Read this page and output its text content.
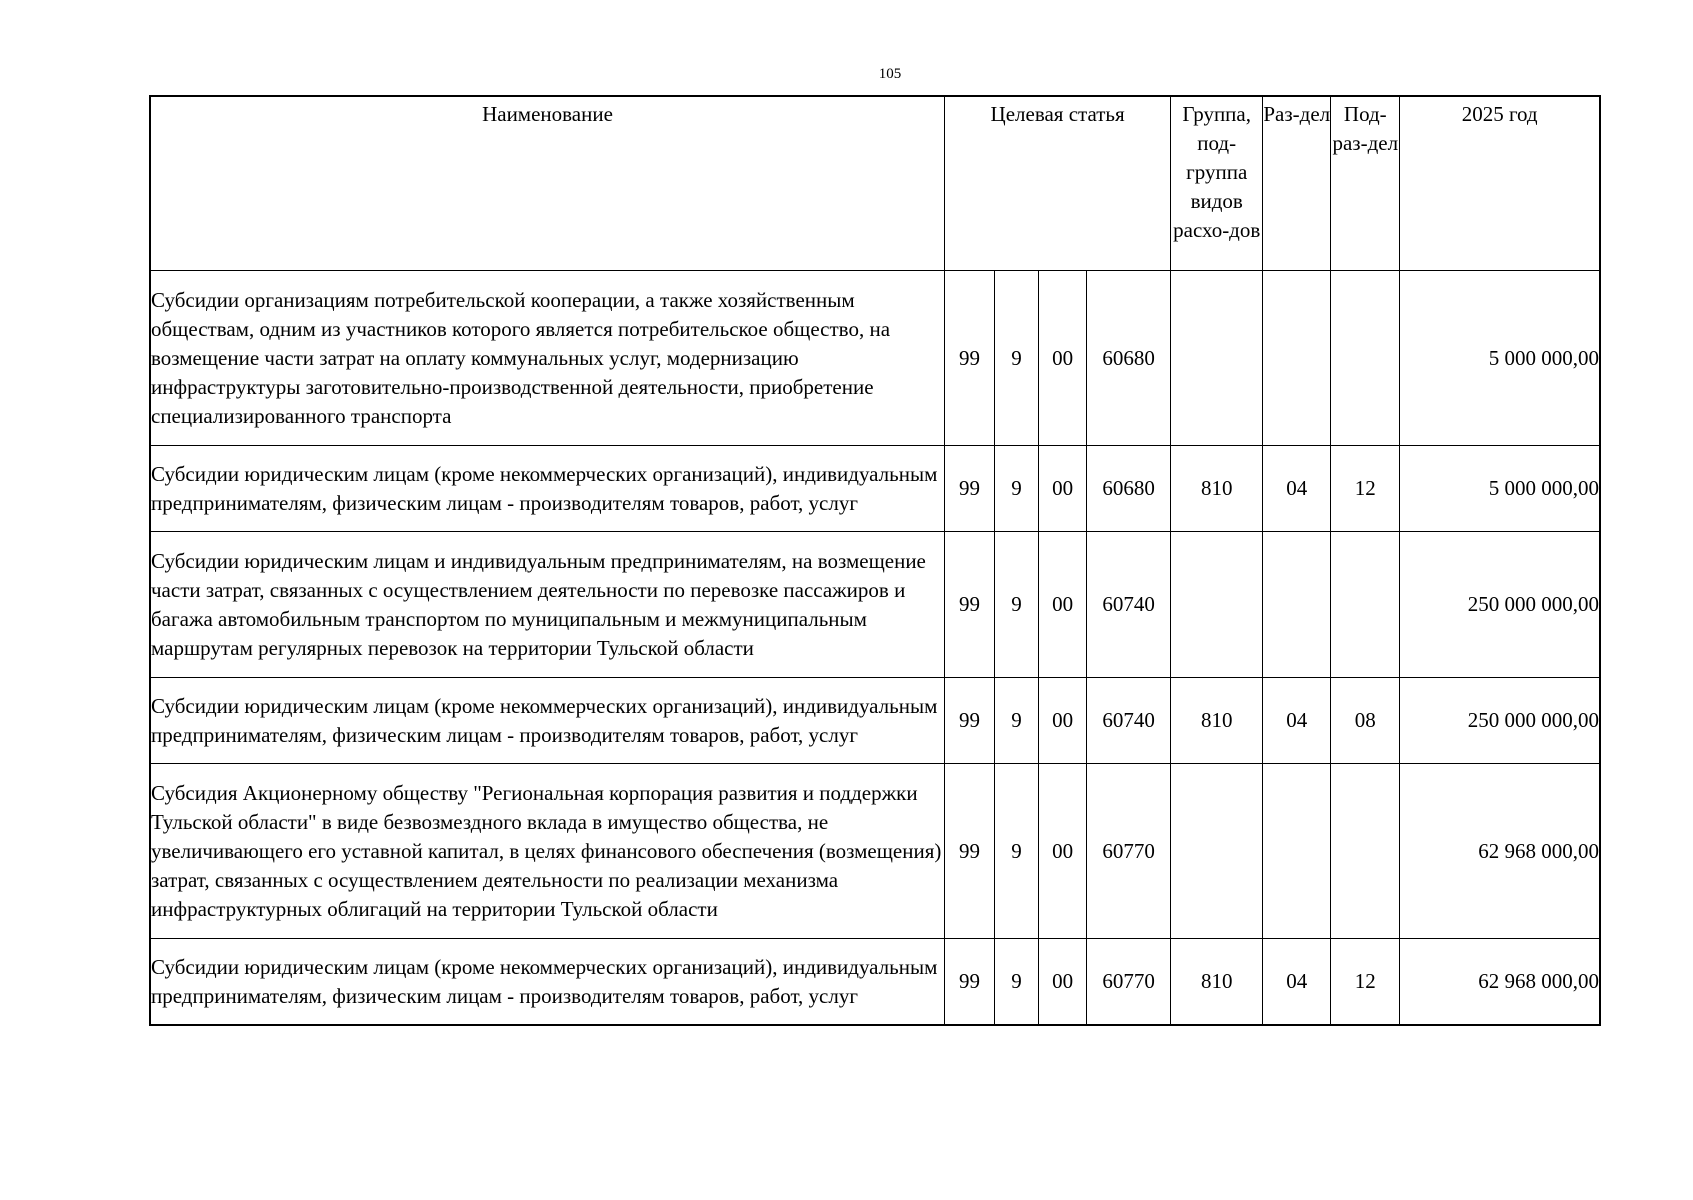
105
Наименование	Целевая статья				Группа, под-группа видов расхо-дов	Раз-дел	Под-раз-дел	2025 год
Субсидии организациям потребительской кооперации, а также хозяйственным обществам, одним из участников которого является потребительское общество, на возмещение части затрат на оплату коммунальных услуг, модернизацию инфраструктуры заготовительно-производственной деятельности, приобретение специализированного транспорта	99	9	00	60680				5 000 000,00
Субсидии юридическим лицам (кроме некоммерческих организаций), индивидуальным предпринимателям, физическим лицам - производителям товаров, работ, услуг	99	9	00	60680	810	04	12	5 000 000,00
Субсидии юридическим лицам и индивидуальным предпринимателям, на возмещение части затрат, связанных с осуществлением деятельности по перевозке пассажиров и багажа автомобильным транспортом по муниципальным и межмуниципальным маршрутам регулярных перевозок на территории Тульской области	99	9	00	60740				250 000 000,00
Субсидии юридическим лицам (кроме некоммерческих организаций), индивидуальным предпринимателям, физическим лицам - производителям товаров, работ, услуг	99	9	00	60740	810	04	08	250 000 000,00
Субсидия Акционерному обществу "Региональная корпорация развития и поддержки Тульской области" в виде безвозмездного вклада в имущество общества, не увеличивающего его уставной капитал, в целях финансового обеспечения (возмещения) затрат, связанных с осуществлением деятельности по реализации механизма инфраструктурных облигаций на территории Тульской области	99	9	00	60770				62 968 000,00
Субсидии юридическим лицам (кроме некоммерческих организаций), индивидуальным предпринимателям, физическим лицам - производителям товаров, работ, услуг	99	9	00	60770	810	04	12	62 968 000,00
